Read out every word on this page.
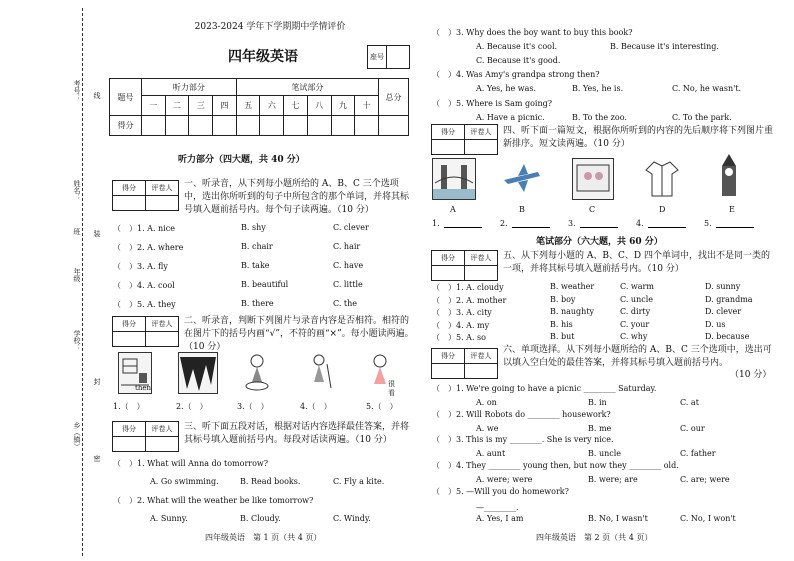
考号： 线
姓名：
装
班
年级
学校：
封
乡（镇）
密
2023-2024 学年下学期期中学情评价
四年级英语	座号	
题号	听力部分				笔试部分						总分
	一	二	三	四	五	六	七	八	九	十	
得分											
听力部分（四大题，共 40 分）
得分	评卷人
	一、听录音，从下列每小题所给的 A、B、C 三个选项中，选出你所听到的句子中所包含的那个单词，并将其标号填入题前括号内。每个句子读两遍。（10 分）
（　）1. A. nice	B. shy	C. clever
（　）2. A. where	B. chair	C. hair
（　）3. A. fly	B. take	C. have
（　）4. A. cool	B. beautiful	C. little
（　）5. A. they	B. there	C. the
得分	评卷人
	二、听录音，判断下列图片与录音内容是否相符。相符的在图片下的括号内画“√”，不符的画“×”。每小题读两遍。（10 分）
then	很看
1.（　）	2.（　）	3.（　）	4.（　）	5.（　）
得分	评卷人
	三、听下面五段对话，根据对话内容选择最佳答案，并将其标号填入题前括号内。每段对话读两遍。（10 分）
（　）1. What will Anna do tomorrow?
A. Go swimming.	B. Read books.	C. Fly a kite.
（　）2. What will the weather be like tomorrow?
A. Sunny.	B. Cloudy.	C. Windy.
四年级英语　第 1 页（共 4 页）
（　）3. Why does the boy want to buy this book?
A. Because it's cool.	B. Because it's interesting.
C. Because it's good.
（　）4. Was Amy's grandpa strong then?
A. Yes, he was.	B. Yes, he is.	C. No, he wasn't.
（　）5. Where is Sam going?
A. Have a picnic.	B. To the zoo.	C. To the park.
得分	评卷人
	四、听下面一篇短文，根据你所听到的内容的先后顺序将下列图片重新排序。短文读两遍。（10 分）
A	B	C	D	E
1.	2.	3.	4.	5.
笔试部分（六大题，共 60 分）
得分	评卷人
	五、从下列每小题的 A、B、C、D 四个单词中，找出不是同一类的一项，并将其标号填入题前括号内。（10 分）
（　）1. A. cloudy	B. weather	C. warm	D. sunny
（　）2. A. mother	B. boy	C. uncle	D. grandma
（　）3. A. city	B. naughty	C. dirty	D. clever
（　）4. A. my	B. his	C. your	D. us
（　）5. A. so	B. but	C. why	D. because
得分	评卷人

六、单项选择。从下列每小题所给的 A、B、C 三个选项中，选出可以填入空白处的最佳答案，并将其标号填入题前括号内。
（10 分）
（　）1. We're going to have a picnic ________ Saturday.
A. on	B. in	C. at
（　）2. Will Robots do ________ housework?
A. we	B. me	C. our
（　）3. This is my ________. She is very nice.
A. aunt	B. uncle	C. father
（　）4. They ________ young then, but now they ________ old.
A. were; were	B. were; are	C. are; were
（　）5. —Will you do homework?
A. Yes, I am	B. No, I wasn't	C. No, I won't
—________.
四年级英语　第 2 页（共 4 页）
